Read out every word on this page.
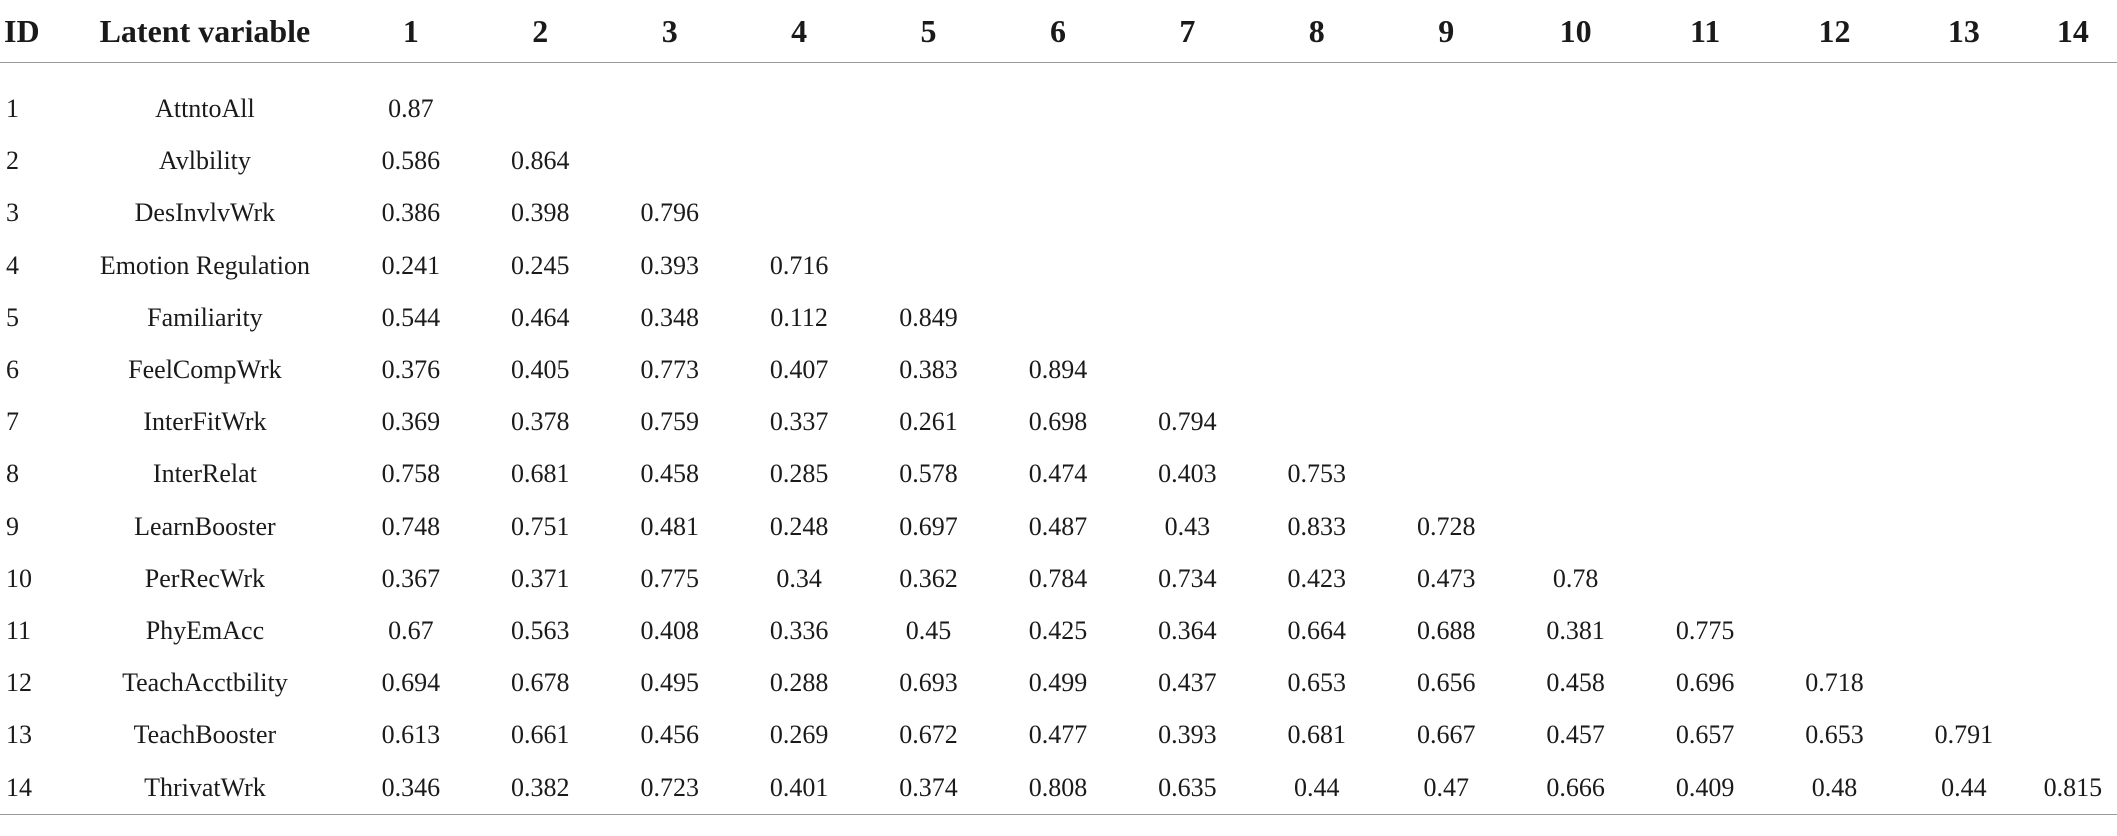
ID	Latent variable	1	2	3	4	5	6	7	8	9	10	11	12	13	14
1	AttntoAll	0.87													
2	Avlbility	0.586	0.864												
3	DesInvlvWrk	0.386	0.398	0.796											
4	Emotion Regulation	0.241	0.245	0.393	0.716										
5	Familiarity	0.544	0.464	0.348	0.112	0.849									
6	FeelCompWrk	0.376	0.405	0.773	0.407	0.383	0.894								
7	InterFitWrk	0.369	0.378	0.759	0.337	0.261	0.698	0.794							
8	InterRelat	0.758	0.681	0.458	0.285	0.578	0.474	0.403	0.753						
9	LearnBooster	0.748	0.751	0.481	0.248	0.697	0.487	0.43	0.833	0.728					
10	PerRecWrk	0.367	0.371	0.775	0.34	0.362	0.784	0.734	0.423	0.473	0.78				
11	PhyEmAcc	0.67	0.563	0.408	0.336	0.45	0.425	0.364	0.664	0.688	0.381	0.775			
12	TeachAcctbility	0.694	0.678	0.495	0.288	0.693	0.499	0.437	0.653	0.656	0.458	0.696	0.718		
13	TeachBooster	0.613	0.661	0.456	0.269	0.672	0.477	0.393	0.681	0.667	0.457	0.657	0.653	0.791	
14	ThrivatWrk	0.346	0.382	0.723	0.401	0.374	0.808	0.635	0.44	0.47	0.666	0.409	0.48	0.44	0.815
